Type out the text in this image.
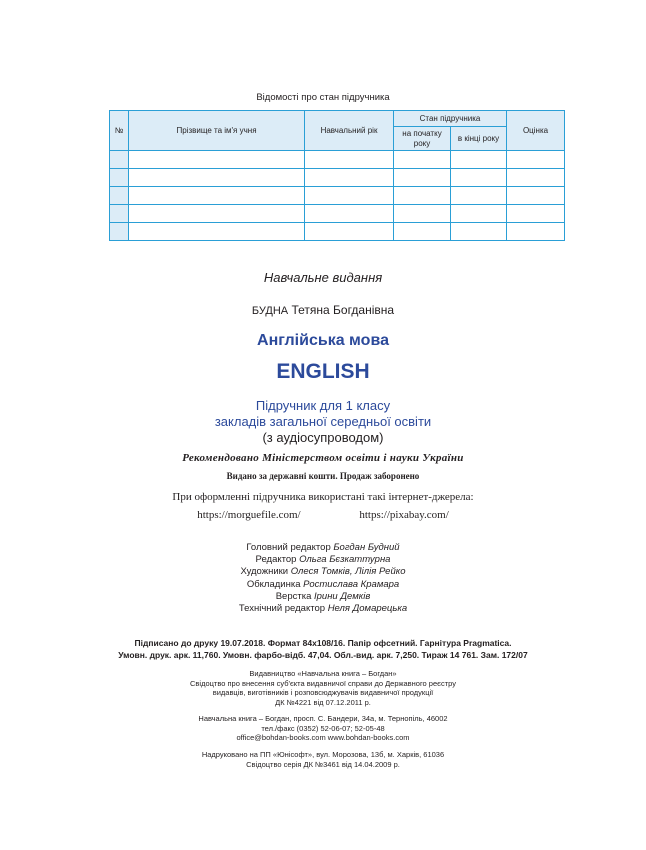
Відомості про стан підручника
№	Прізвище та ім'я учня	Навчальний рік	Стан підручника		Оцінка
			на початку року	в кінці року	

Навчальне видання
БУДНА Тетяна Богданівна
Англійська мова
ENGLISH
Підручник для 1 класу
закладів загальної середньої освіти
(з аудіосупроводом)
Рекомендовано Міністерством освіти і науки України
Видано за державні кошти. Продаж заборонено
При оформленні підручника використані такі інтернет-джерела:
https://morguefile.com/	https://pixabay.com/
Головний редактор Богдан Будний
Редактор Ольга Бєзкаттурна
Художники Олеся Томків, Лілія Рейко
Обкладинка Ростислава Крамара
Верстка Ірини Демків
Технічний редактор Неля Домарецька
Підписано до друку 19.07.2018. Формат 84х108/16. Папір офсетний. Гарнітура Pragmatica.
Умовн. друк. арк. 11,760. Умовн. фарбо-відб. 47,04. Обл.-вид. арк. 7,250. Тираж 14 761. Зам. 172/07
Видавництво «Навчальна книга – Богдан»
Свідоцтво про внесення суб'єкта видавничої справи до Державного реєстру
видавців, виготівників і розповсюджувачів видавничої продукції
ДК №4221 від 07.12.2011 р.
Навчальна книга – Богдан, просп. С. Бандери, 34а, м. Тернопіль, 46002
тел./факс (0352) 52-06-07; 52-05-48
office@bohdan-books.com www.bohdan-books.com
Надруковано на ПП «Юнісофт», вул. Морозова, 13б, м. Харків, 61036
Свідоцтво серія ДК №3461 від 14.04.2009 р.
